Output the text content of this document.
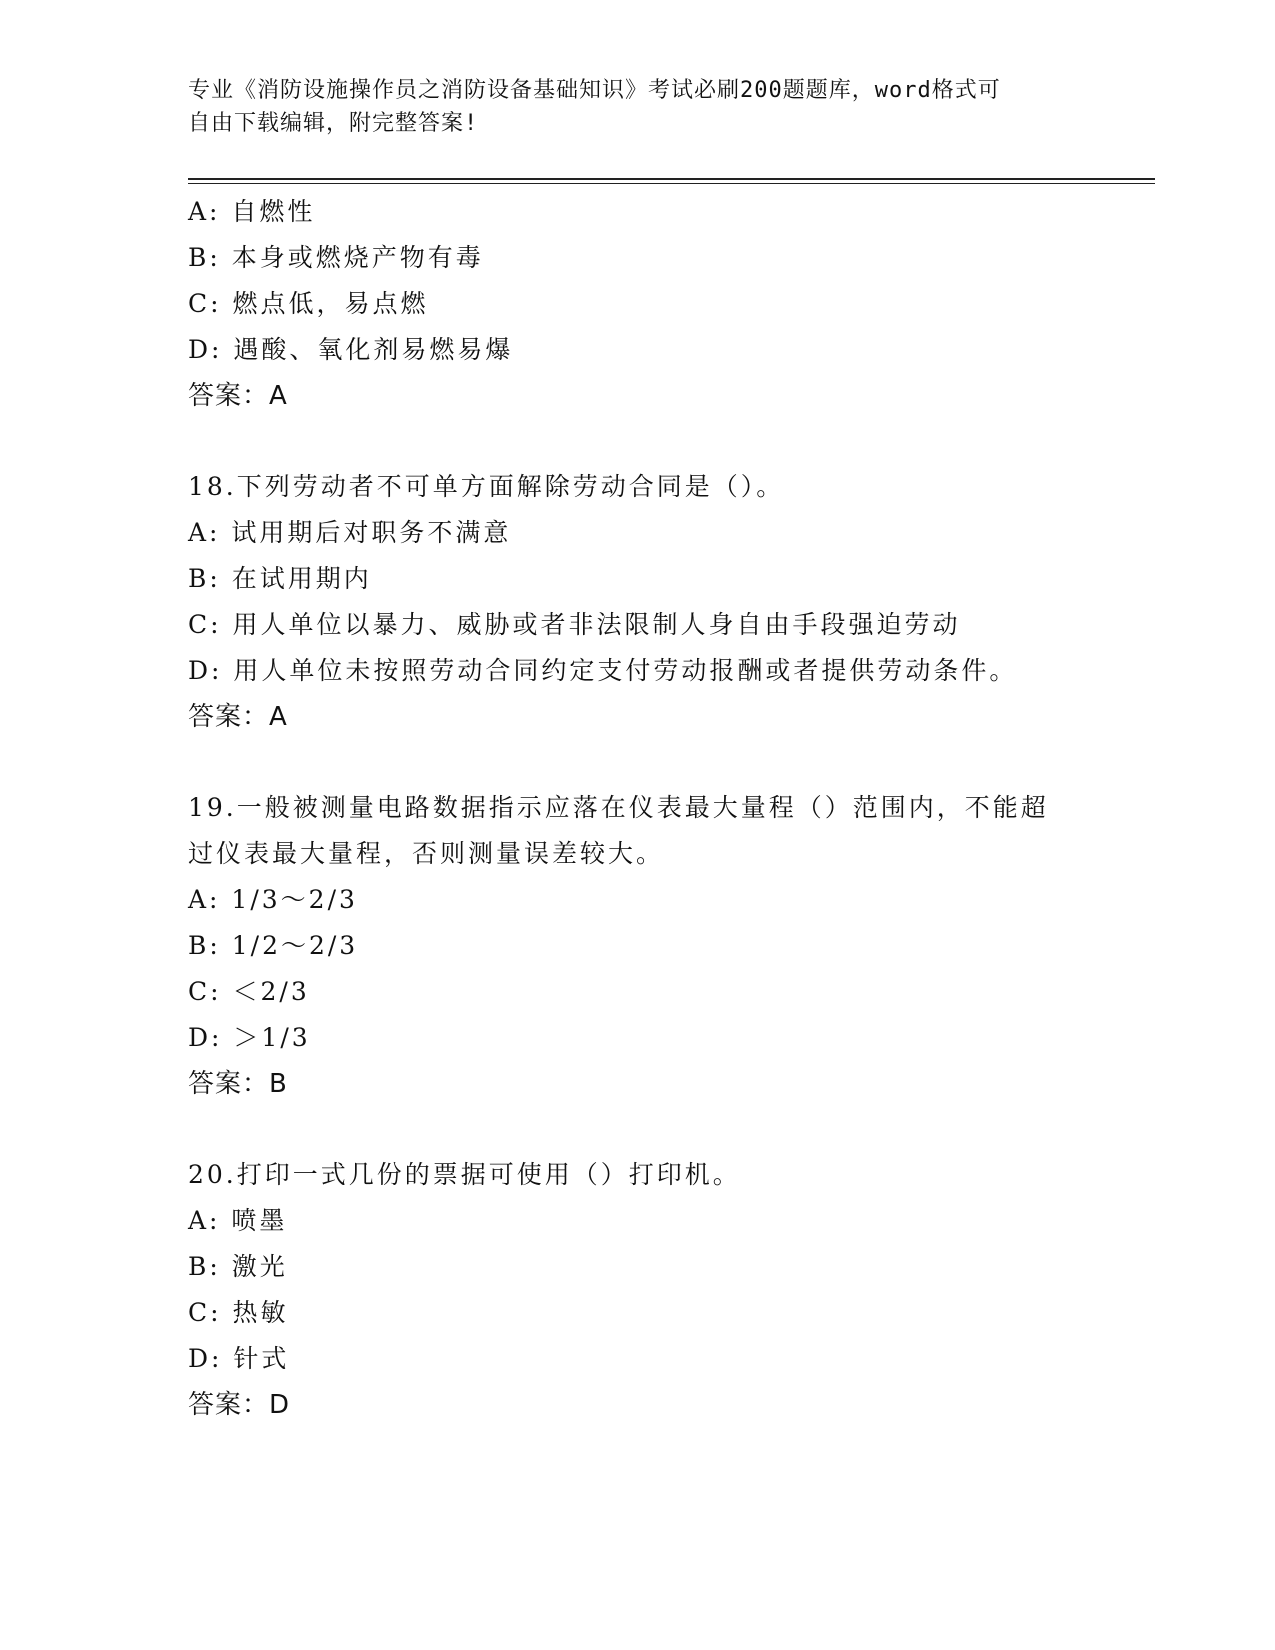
专业《消防设施操作员之消防设备基础知识》考试必刷200题题库，word格式可
自由下载编辑，附完整答案!
A: 自燃性
B: 本身或燃烧产物有毒
C: 燃点低，易点燃
D: 遇酸、氧化剂易燃易爆
答案：A
18.下列劳动者不可单方面解除劳动合同是（）。
A: 试用期后对职务不满意
B: 在试用期内
C: 用人单位以暴力、威胁或者非法限制人身自由手段强迫劳动
D: 用人单位未按照劳动合同约定支付劳动报酬或者提供劳动条件。
答案：A
19.一般被测量电路数据指示应落在仪表最大量程（）范围内，不能超
过仪表最大量程，否则测量误差较大。
A: 1/3～2/3
B: 1/2～2/3
C: ＜2/3
D: ＞1/3
答案：B
20.打印一式几份的票据可使用（）打印机。
A: 喷墨
B: 激光
C: 热敏
D: 针式
答案：D
